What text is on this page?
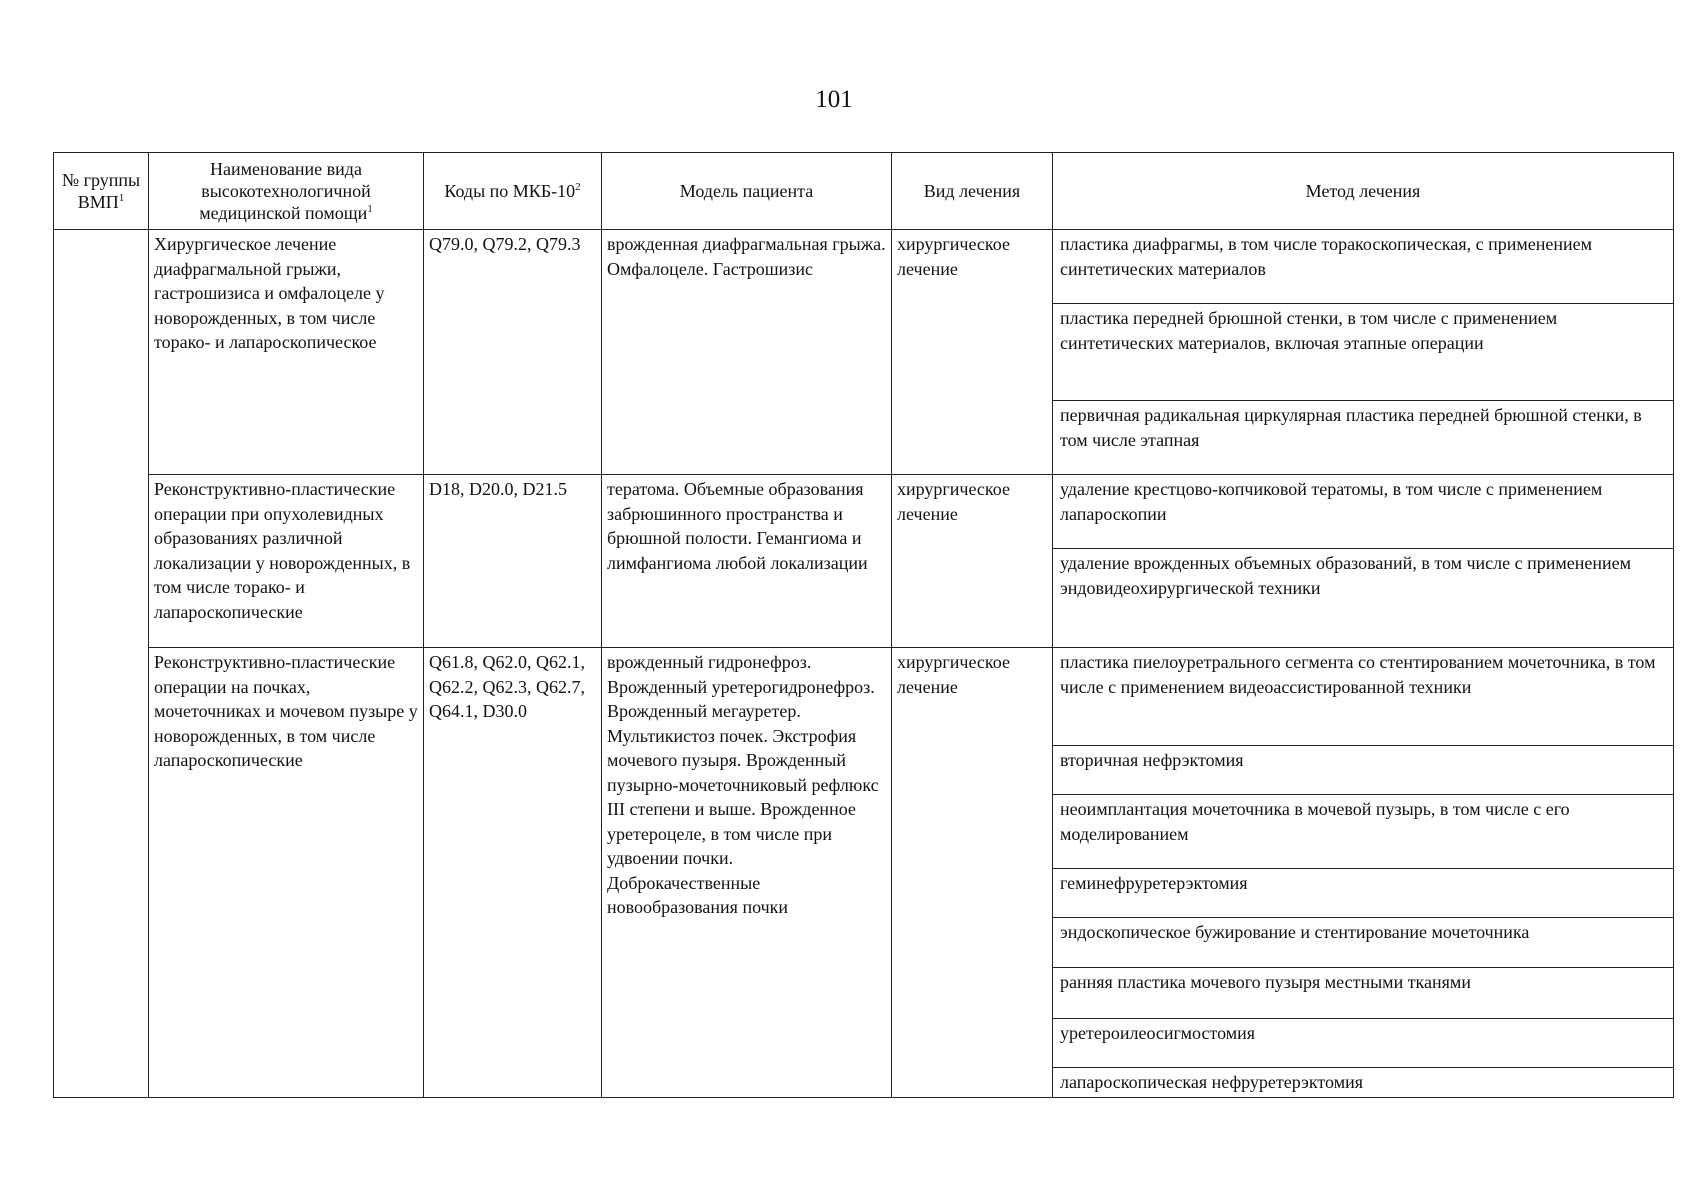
101
№ группы ВМП$^1$	Наименование вида высокотехнологичной медицинской помощи$^1$	Коды по МКБ-$10^2$	Модель пациента	Вид лечения	Метод лечения
	Хирургическое лечение диафрагмальной грыжи, гастрошизиса и омфалоцеле у новорожденных, в том числе торако- и лапароскопическое	Q79.0, Q79.2, Q79.3	врожденная диафрагмальная грыжа. Омфалоцеле. Гастрошизис	хирургическое лечение	пластика диафрагмы, в том числе торакоскопическая, с применением синтетических материалов
					пластика передней брюшной стенки, в том числе с применением синтетических материалов, включая этапные операции
					первичная радикальная циркулярная пластика передней брюшной стенки, в том числе этапная
	Реконструктивно-пластические операции при опухолевидных образованиях различной локализации у новорожденных, в том числе торако- и лапароскопические	D18, D20.0, D21.5	тератома. Объемные образования забрюшинного пространства и брюшной полости. Гемангиома и лимфангиома любой локализации	хирургическое лечение	удаление крестцово-копчиковой тератомы, в том числе с применением лапароскопии
					удаление врожденных объемных образований, в том числе с применением эндовидеохирургической техники
	Реконструктивно-пластические операции на почках, мочеточниках и мочевом пузыре у новорожденных, в том числе лапароскопические	Q61.8, Q62.0, Q62.1, Q62.2, Q62.3, Q62.7, Q64.1, D30.0	врожденный гидронефроз. Врожденный уретерогидронефроз. Врожденный мегауретер. Мультикистоз почек. Экстрофия мочевого пузыря. Врожденный пузырно-мочеточниковый рефлюкс III степени и выше. Врожденное уретероцеле, в том числе при удвоении почки. Доброкачественные новообразования почки	хирургическое лечение	пластика пиелоуретрального сегмента со стентированием мочеточника, в том числе с применением видеоассистированной техники
					вторичная нефрэктомия
					неоимплантация мочеточника в мочевой пузырь, в том числе с его моделированием
					геминефруретерэктомия
					эндоскопическое бужирование и стентирование мочеточника
					ранняя пластика мочевого пузыря местными тканями
					уретероилеосигмостомия
					лапароскопическая нефруретерэктомия
